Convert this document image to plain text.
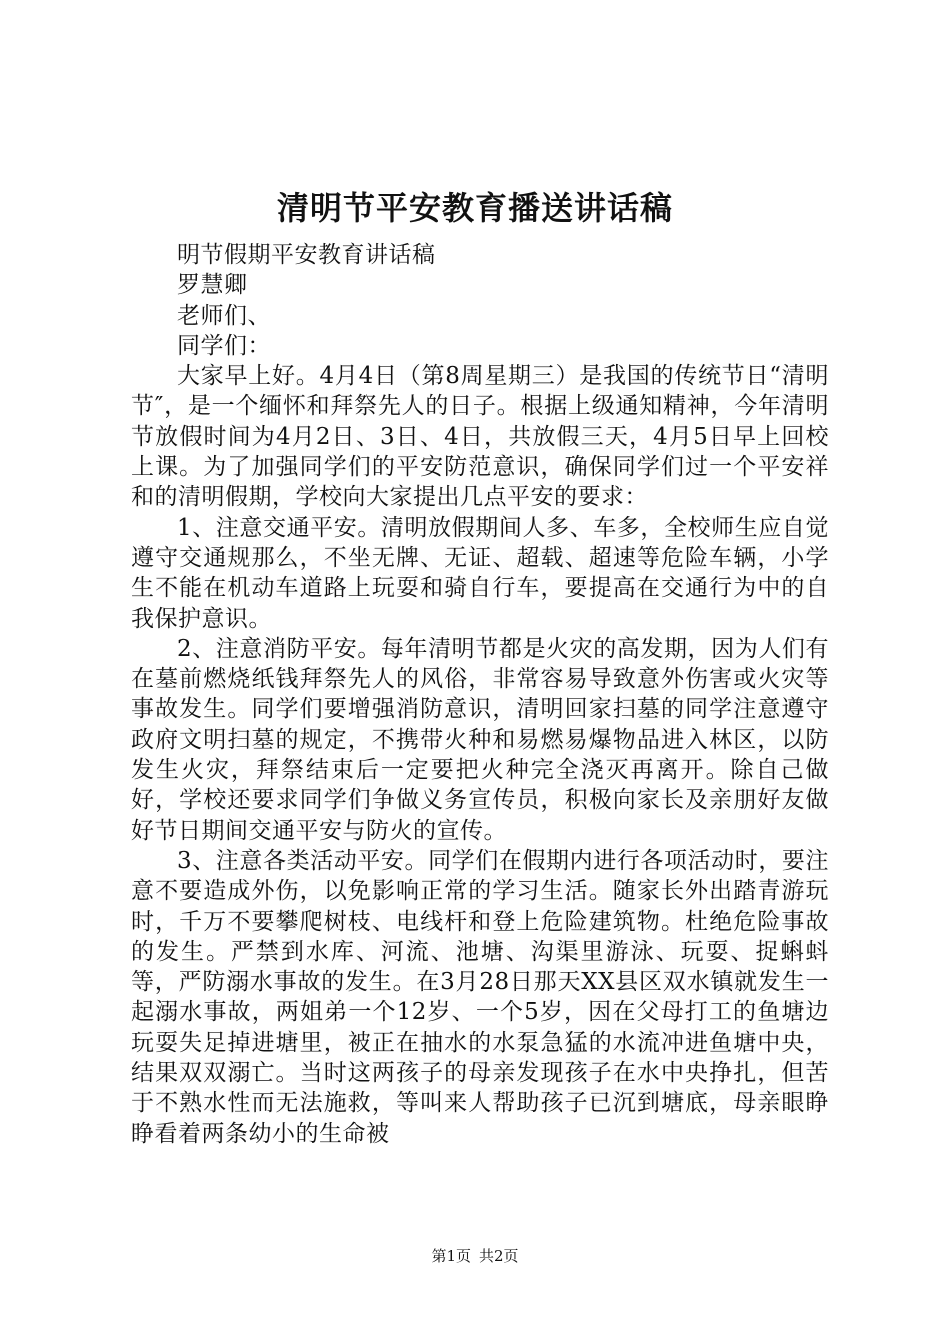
清明节平安教育播送讲话稿

明节假期平安教育讲话稿

罗慧卿

老师们、

同学们：

大家早上好。4月4日（第8周星期三）是我国的传统节日“清明节″，是一个缅怀和拜祭先人的日子。根据上级通知精神，今年清明节放假时间为4月2日、3日、4日，共放假三天，4月5日早上回校上课。为了加强同学们的平安防范意识，确保同学们过一个平安祥和的清明假期，学校向大家提出几点平安的要求：

1、注意交通平安。清明放假期间人多、车多，全校师生应自觉遵守交通规那么，不坐无牌、无证、超载、超速等危险车辆，小学生不能在机动车道路上玩耍和骑自行车，要提高在交通行为中的自我保护意识。

2、注意消防平安。每年清明节都是火灾的高发期，因为人们有在墓前燃烧纸钱拜祭先人的风俗，非常容易导致意外伤害或火灾等事故发生。同学们要增强消防意识，清明回家扫墓的同学注意遵守政府文明扫墓的规定，不携带火种和易燃易爆物品进入林区，以防发生火灾，拜祭结束后一定要把火种完全浇灭再离开。除自己做好，学校还要求同学们争做义务宣传员，积极向家长及亲朋好友做好节日期间交通平安与防火的宣传。

3、注意各类活动平安。同学们在假期内进行各项活动时，要注意不要造成外伤，以免影响正常的学习生活。随家长外出踏青游玩时，千万不要攀爬树枝、电线杆和登上危险建筑物。杜绝危险事故的发生。严禁到水库、河流、池塘、沟渠里游泳、玩耍、捉蝌蚪等，严防溺水事故的发生。在3月28日那天XX县区双水镇就发生一起溺水事故，两姐弟一个12岁、一个5岁，因在父母打工的鱼塘边玩耍失足掉进塘里，被正在抽水的水泵急猛的水流冲进鱼塘中央，结果双双溺亡。当时这两孩子的母亲发现孩子在水中央挣扎，但苦于不熟水性而无法施救，等叫来人帮助孩子已沉到塘底，母亲眼睁睁看着两条幼小的生命被

第1页 共2页
